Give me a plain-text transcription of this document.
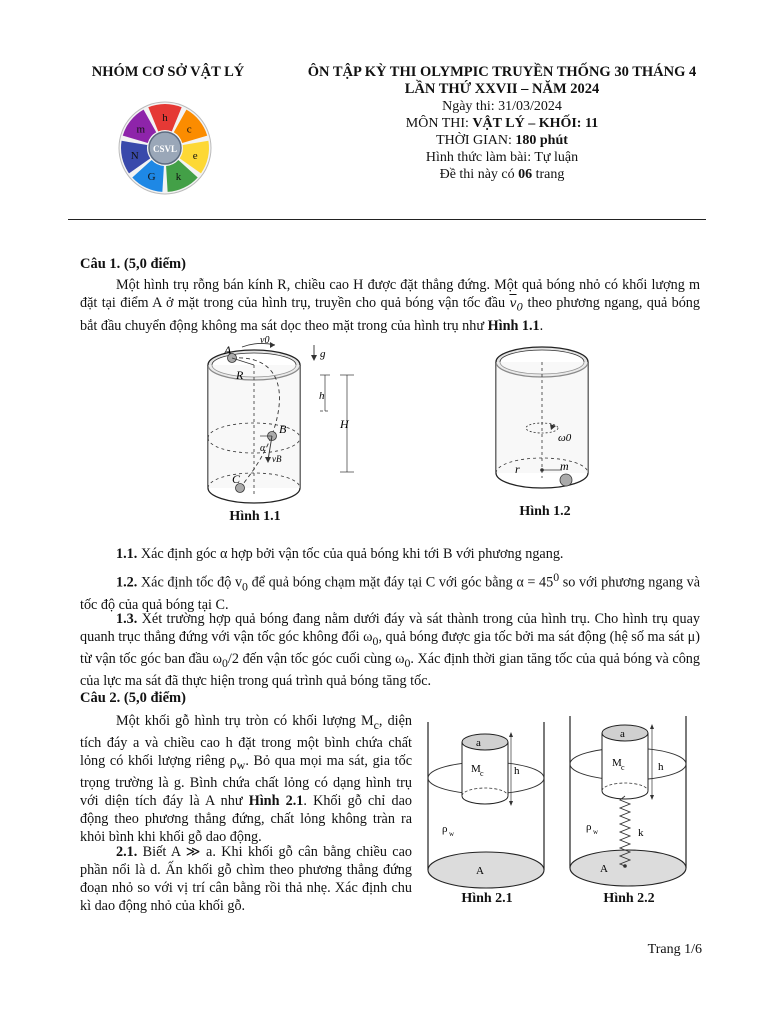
NHÓM CƠ SỞ VẬT LÝ
h
c
e
k
G
N
m
CSVL
ÔN TẬP KỲ THI OLYMPIC TRUYỀN THỐNG 30 THÁNG 4
LẦN THỨ XXVII – NĂM 2024
Ngày thi: 31/03/2024
MÔN THI: VẬT LÝ – KHỐI: 11
THỜI GIAN: 180 phút
Hình thức làm bài: Tự luận
Đề thi này có 06 trang
Câu 1. (5,0 điểm)
Một hình trụ rỗng bán kính R, chiều cao H được đặt thẳng đứng. Một quả bóng nhỏ có khối lượng m đặt tại điểm A ở mặt trong của hình trụ, truyền cho quả bóng vận tốc đầu $\overline{v}_0$ theo phương ngang, quả bóng bắt đầu chuyển động không ma sát dọc theo mặt trong của hình trụ như Hình 1.1.
A
v0
g
R
h
H
B
α
vB
C
Hình 1.1
ω0
r	m
Hình 1.2
1.1. Xác định góc α hợp bởi vận tốc của quả bóng khi tới B với phương ngang.
1.2. Xác định tốc độ $v_0$ để quả bóng chạm mặt đáy tại C với góc bằng $\alpha = 45^0$ so với phương ngang và tốc độ của quả bóng tại C.
1.3. Xét trường hợp quả bóng đang nằm dưới đáy và sát thành trong của hình trụ. Cho hình trụ quay quanh trục thẳng đứng với vận tốc góc không đổi $\omega_0$, quả bóng được gia tốc bởi ma sát động (hệ số ma sát μ) từ vận tốc góc ban đầu $\omega_0/2$ đến vận tốc góc cuối cùng $\omega_0$. Xác định thời gian tăng tốc của quả bóng và công của lực ma sát đã thực hiện trong quá trình quả bóng tăng tốc.
Câu 2. (5,0 điểm)
Một khối gỗ hình trụ tròn có khối lượng $M_c$, diện tích đáy a và chiều cao h đặt trong một bình chứa chất lỏng có khối lượng riêng $\rho_w$. Bỏ qua mọi ma sát, gia tốc trọng trường là g. Bình chứa chất lỏng có dạng hình trụ với diện tích đáy là A như Hình 2.1. Khối gỗ chỉ dao động theo phương thẳng đứng, chất lỏng không tràn ra khỏi bình khi khối gỗ dao động.
2.1. Biết A ≫ a. Khi khối gỗ cân bằng chiều cao phần nổi là d. Ấn khối gỗ chìm theo phương thẳng đứng đoạn nhỏ so với vị trí cân bằng rồi thả nhẹ. Xác định chu kì dao động nhỏ của khối gỗ.
a
M c	h
ρ w
A
Hình 2.1
a
M c	h
ρ w	k
A
Hình 2.2
Trang 1/6
